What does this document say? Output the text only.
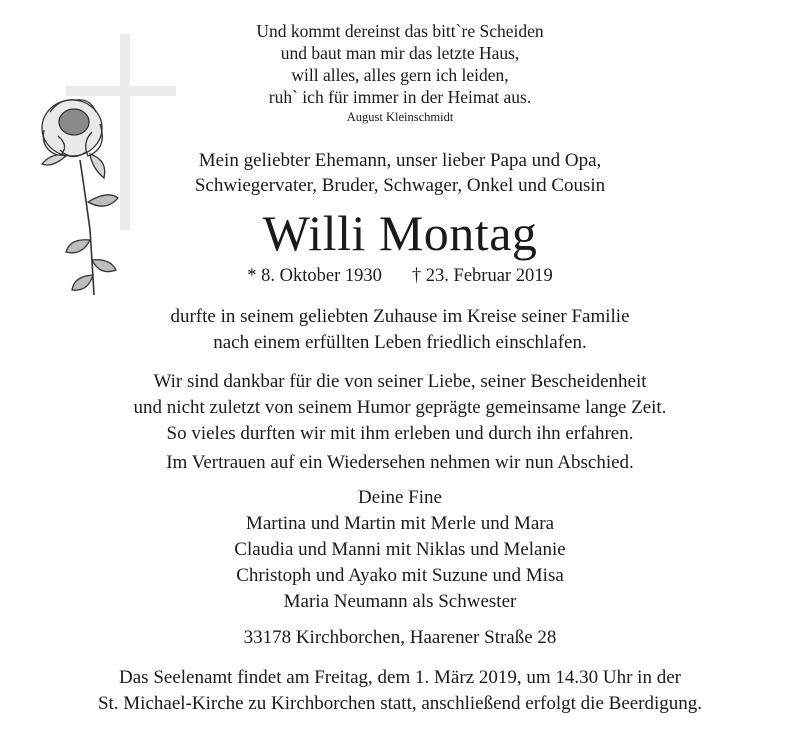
Und kommt dereinst das bitt`re Scheiden
und baut man mir das letzte Haus,
will alles, alles gern ich leiden,
ruh` ich für immer in der Heimat aus.
August Kleinschmidt
Mein geliebter Ehemann, unser lieber Papa und Opa,
Schwiegervater, Bruder, Schwager, Onkel und Cousin
Willi Montag
* 8. Oktober 1930 † 23. Februar 2019
durfte in seinem geliebten Zuhause im Kreise seiner Familie
nach einem erfüllten Leben friedlich einschlafen.
Wir sind dankbar für die von seiner Liebe, seiner Bescheidenheit
und nicht zuletzt von seinem Humor geprägte gemeinsame lange Zeit.
So vieles durften wir mit ihm erleben und durch ihn erfahren.
Im Vertrauen auf ein Wiedersehen nehmen wir nun Abschied.
Deine Fine
Martina und Martin mit Merle und Mara
Claudia und Manni mit Niklas und Melanie
Christoph und Ayako mit Suzune und Misa
Maria Neumann als Schwester
33178 Kirchborchen, Haarener Straße 28
Das Seelenamt findet am Freitag, dem 1. März 2019, um 14.30 Uhr in der
St. Michael-Kirche zu Kirchborchen statt, anschließend erfolgt die Beerdigung.
